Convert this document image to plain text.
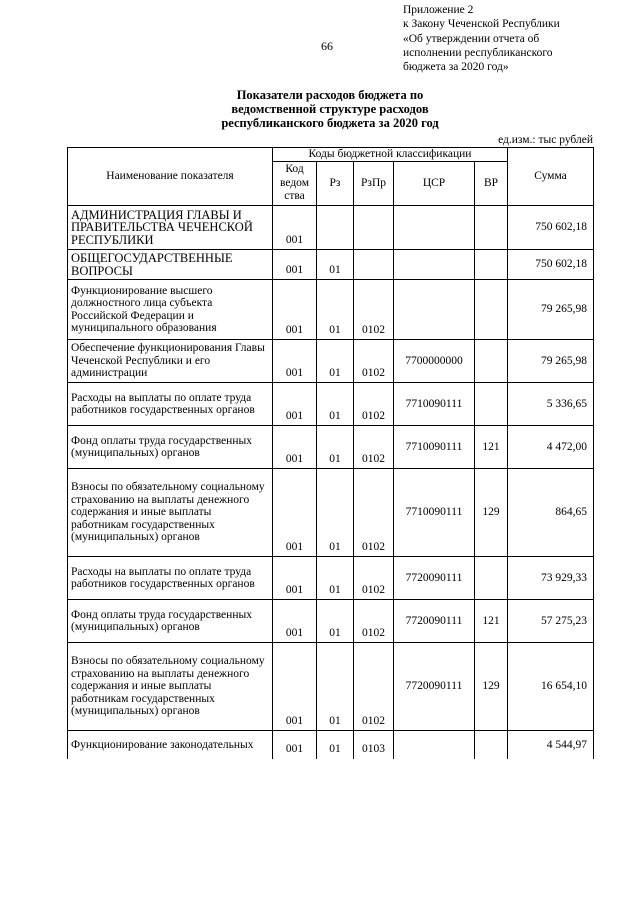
66
Приложение 2
к Закону Чеченской Республики
«Об утверждении отчета об
исполнении республиканского
бюджета за 2020 год»
Показатели расходов бюджета по
ведомственной структуре расходов
республиканского бюджета за 2020 год
ед.изм.: тыс рублей
Наименование показателя	Коды бюджетной классификации					Сумма
	Код ведом ства	Рз	РзПр	ЦСР	ВР	
АДМИНИСТРАЦИЯ ГЛАВЫ И ПРАВИТЕЛЬСТВА ЧЕЧЕНСКОЙ РЕСПУБЛИКИ	001					750 602,18
ОБЩЕГОСУДАРСТВЕННЫЕ ВОПРОСЫ	001	01				750 602,18
Функционирование высшего должностного лица субъекта Российской Федерации и муниципального образования	001	01	0102			79 265,98
Обеспечение функционирования Главы Чеченской Республики и его администрации	001	01	0102	7700000000		79 265,98
Расходы на выплаты по оплате труда работников государственных органов	001	01	0102	7710090111		5 336,65
Фонд оплаты труда государственных (муниципальных) органов	001	01	0102	7710090111	121	4 472,00
Взносы по обязательному социальному страхованию на выплаты денежного содержания и иные выплаты работникам государственных (муниципальных) органов	001	01	0102	7710090111	129	864,65
Расходы на выплаты по оплате труда работников государственных органов	001	01	0102	7720090111		73 929,33
Фонд оплаты труда государственных (муниципальных) органов	001	01	0102	7720090111	121	57 275,23
Взносы по обязательному социальному страхованию на выплаты денежного содержания и иные выплаты работникам государственных (муниципальных) органов	001	01	0102	7720090111	129	16 654,10
Функционирование законодательных	001	01	0103			4 544,97
